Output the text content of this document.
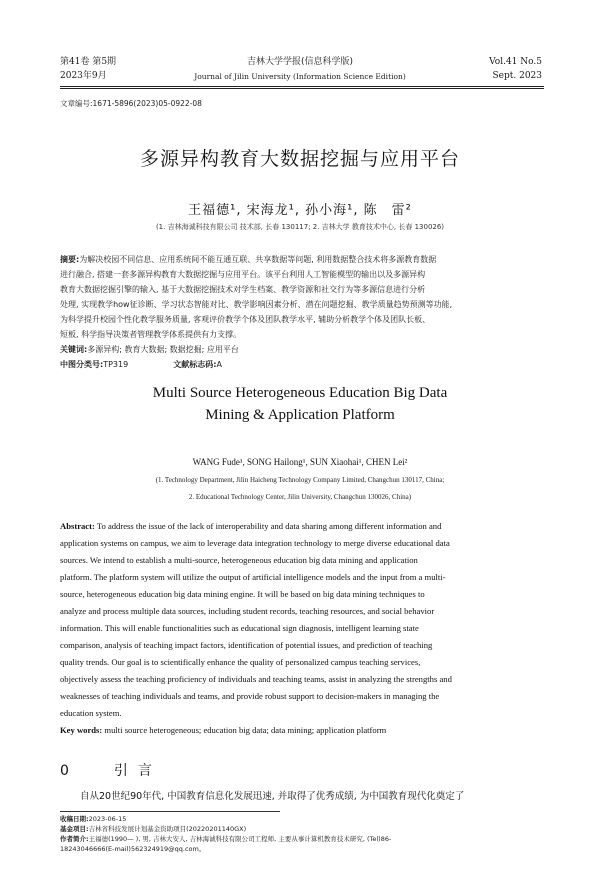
第41卷 第5期
2023年9月
吉林大学学报(信息科学版)
Journal of Jilin University (Information Science Edition)
Vol.41 No.5
Sept. 2023
文章编号:1671-5896(2023)05-0922-08
多源异构教育大数据挖掘与应用平台
王福德¹, 宋海龙¹, 孙小海¹, 陈　雷²
(1. 吉林海诚科技有限公司 技术部, 长春 130117; 2. 吉林大学 教育技术中心, 长春 130026)
摘要:为解决校园不同信息、应用系统间不能互通互联、共享数据等问题, 利用数据整合技术将多源教育数据
进行融合, 搭建一套多源异构教育大数据挖掘与应用平台。该平台利用人工智能模型的输出以及多源异构
教育大数据挖掘引擎的输入, 基于大数据挖掘技术对学生档案、教学资源和社交行为等多源信息进行分析
处理, 实现教学how征诊断、学习状态智能对比、教学影响因素分析、潜在问题挖掘、教学质量趋势预测等功能,
为科学提升校园个性化教学服务质量, 客观评价教学个体及团队教学水平, 辅助分析教学个体及团队长板、
短板, 科学指导决策者管理教学体系提供有力支撑。
关键词:多源异构; 教育大数据; 数据挖掘; 应用平台
中图分类号:TP319	文献标志码:A
Multi Source Heterogeneous Education Big Data
Mining & Application Platform
WANG Fude¹, SONG Hailong¹, SUN Xiaohai¹, CHEN Lei²
(1. Technology Department, Jilin Haicheng Technology Company Limited, Changchun 130117, China;
2. Educational Technology Center, Jilin University, Changchun 130026, China)
Abstract: To address the issue of the lack of interoperability and data sharing among different information and
application systems on campus, we aim to leverage data integration technology to merge diverse educational data
sources. We intend to establish a multi-source, heterogeneous education big data mining and application
platform. The platform system will utilize the output of artificial intelligence models and the input from a multi-
source, heterogeneous education big data mining engine. It will be based on big data mining techniques to
analyze and process multiple data sources, including student records, teaching resources, and social behavior
information. This will enable functionalities such as educational sign diagnosis, intelligent learning state
comparison, analysis of teaching impact factors, identification of potential issues, and prediction of teaching
quality trends. Our goal is to scientifically enhance the quality of personalized campus teaching services,
objectively assess the teaching proficiency of individuals and teaching teams, assist in analyzing the strengths and
weaknesses of teaching individuals and teams, and provide robust support to decision-makers in managing the
education system.
Key words: multi source heterogeneous; education big data; data mining; application platform
0 引言
自从20世纪90年代, 中国教育信息化发展迅速, 并取得了优秀成绩, 为中国教育现代化奠定了
收稿日期:2023-06-15
基金项目:吉林省科技发展计划基金资助项目(20220201140GX)
作者简介:王福德(1990— ), 男, 吉林大安人, 吉林海诚科技有限公司工程师, 主要从事计算机教育技术研究, (Tel)86-
18243046666(E-mail)562324919@qq.com。
